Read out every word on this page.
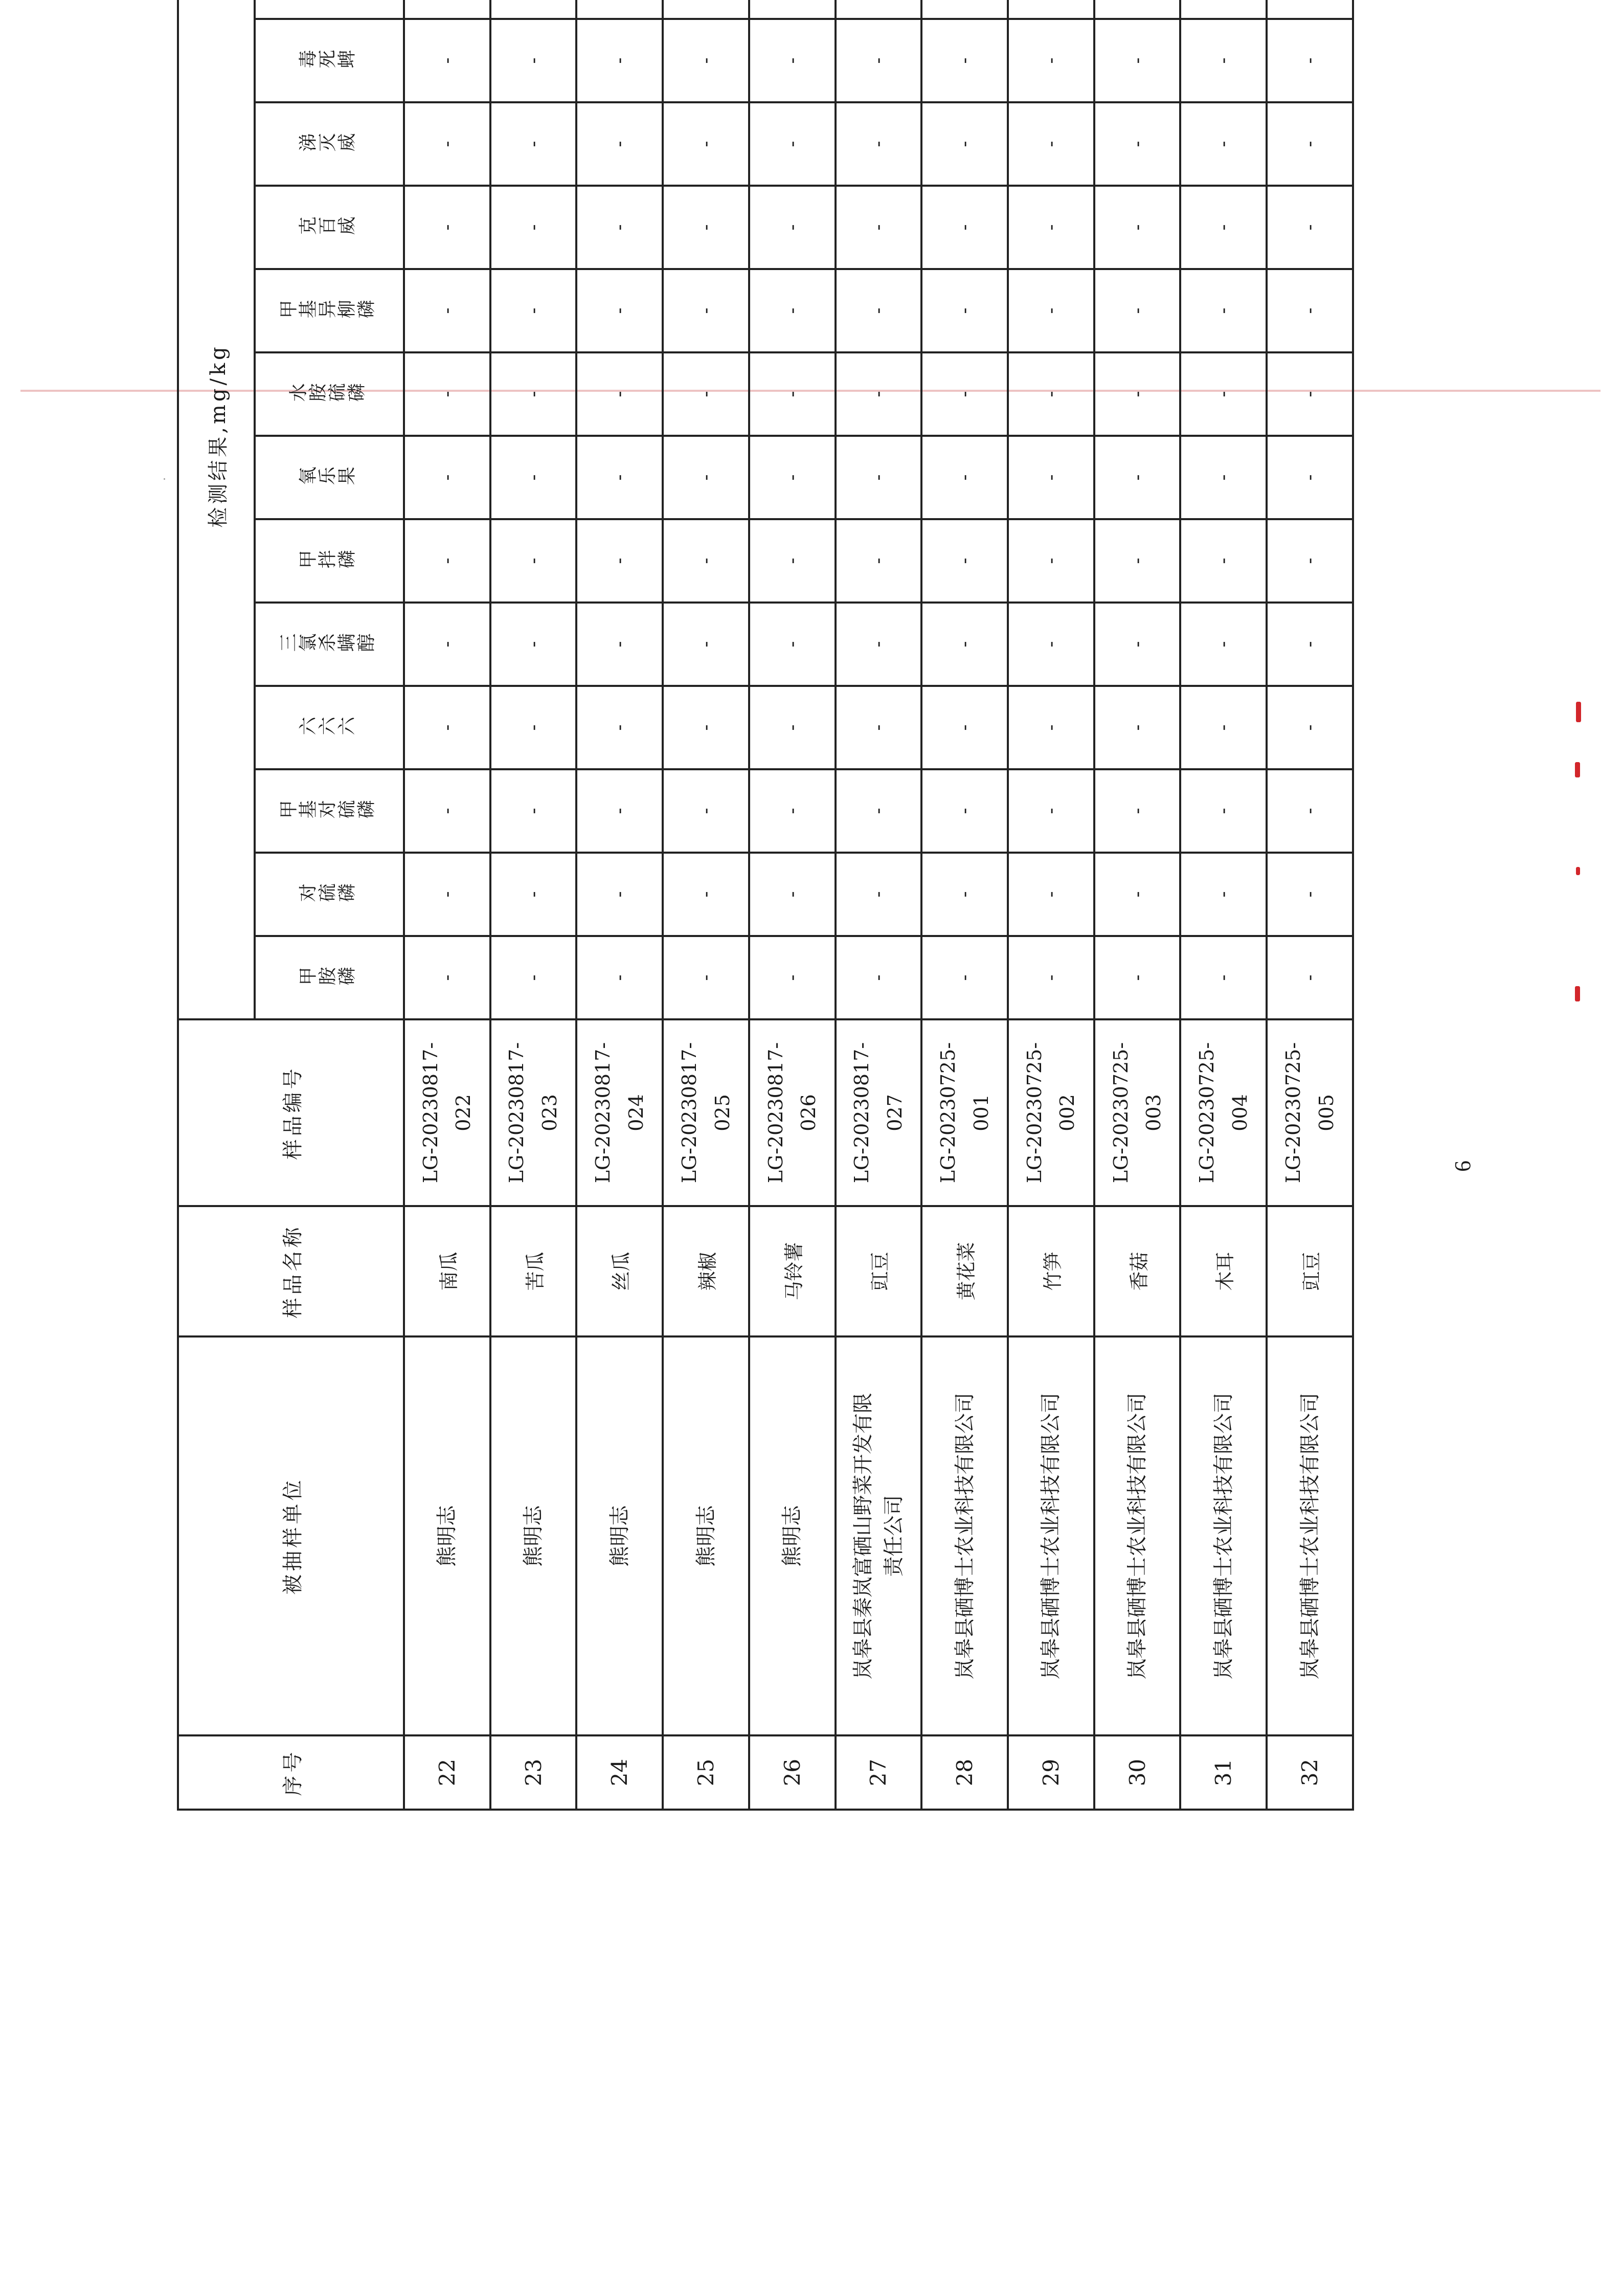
序号	被抽样单位	样品名称	样品编号	检测结果,mg/kg													
				甲胺磷	对硫磷	甲基对硫磷	六六六	三氯杀螨醇	甲拌磷	氧乐果	水胺硫磷	甲基异柳磷	克百威	涕灭威	毒死蜱		
22	熊明志	南瓜	LG-20230817- 022	-	-	-	-	-	-	-	-	-	-	-	-		
23	熊明志	苦瓜	LG-20230817- 023	-	-	-	-	-	-	-	-	-	-	-	-		
24	熊明志	丝瓜	LG-20230817- 024	-	-	-	-	-	-	-	-	-	-	-	-		
25	熊明志	辣椒	LG-20230817- 025	-	-	-	-	-	-	-	-	-	-	-	-		
26	熊明志	马铃薯	LG-20230817- 026	-	-	-	-	-	-	-	-	-	-	-	-		
27	岚皋县秦岚富硒山野菜开发有限 责任公司	豇豆	LG-20230817- 027	-	-	-	-	-	-	-	-	-	-	-	-		
28	岚皋县硒博士农业科技有限公司	黄花菜	LG-20230725- 001	-	-	-	-	-	-	-	-	-	-	-	-		
29	岚皋县硒博士农业科技有限公司	竹笋	LG-20230725- 002	-	-	-	-	-	-	-	-	-	-	-	-		
30	岚皋县硒博士农业科技有限公司	香菇	LG-20230725- 003	-	-	-	-	-	-	-	-	-	-	-	-		
31	岚皋县硒博士农业科技有限公司	木耳	LG-20230725- 004	-	-	-	-	-	-	-	-	-	-	-	-		
32	岚皋县硒博士农业科技有限公司	豇豆	LG-20230725- 005	-	-	-	-	-	-	-	-	-	-	-	-		
6
